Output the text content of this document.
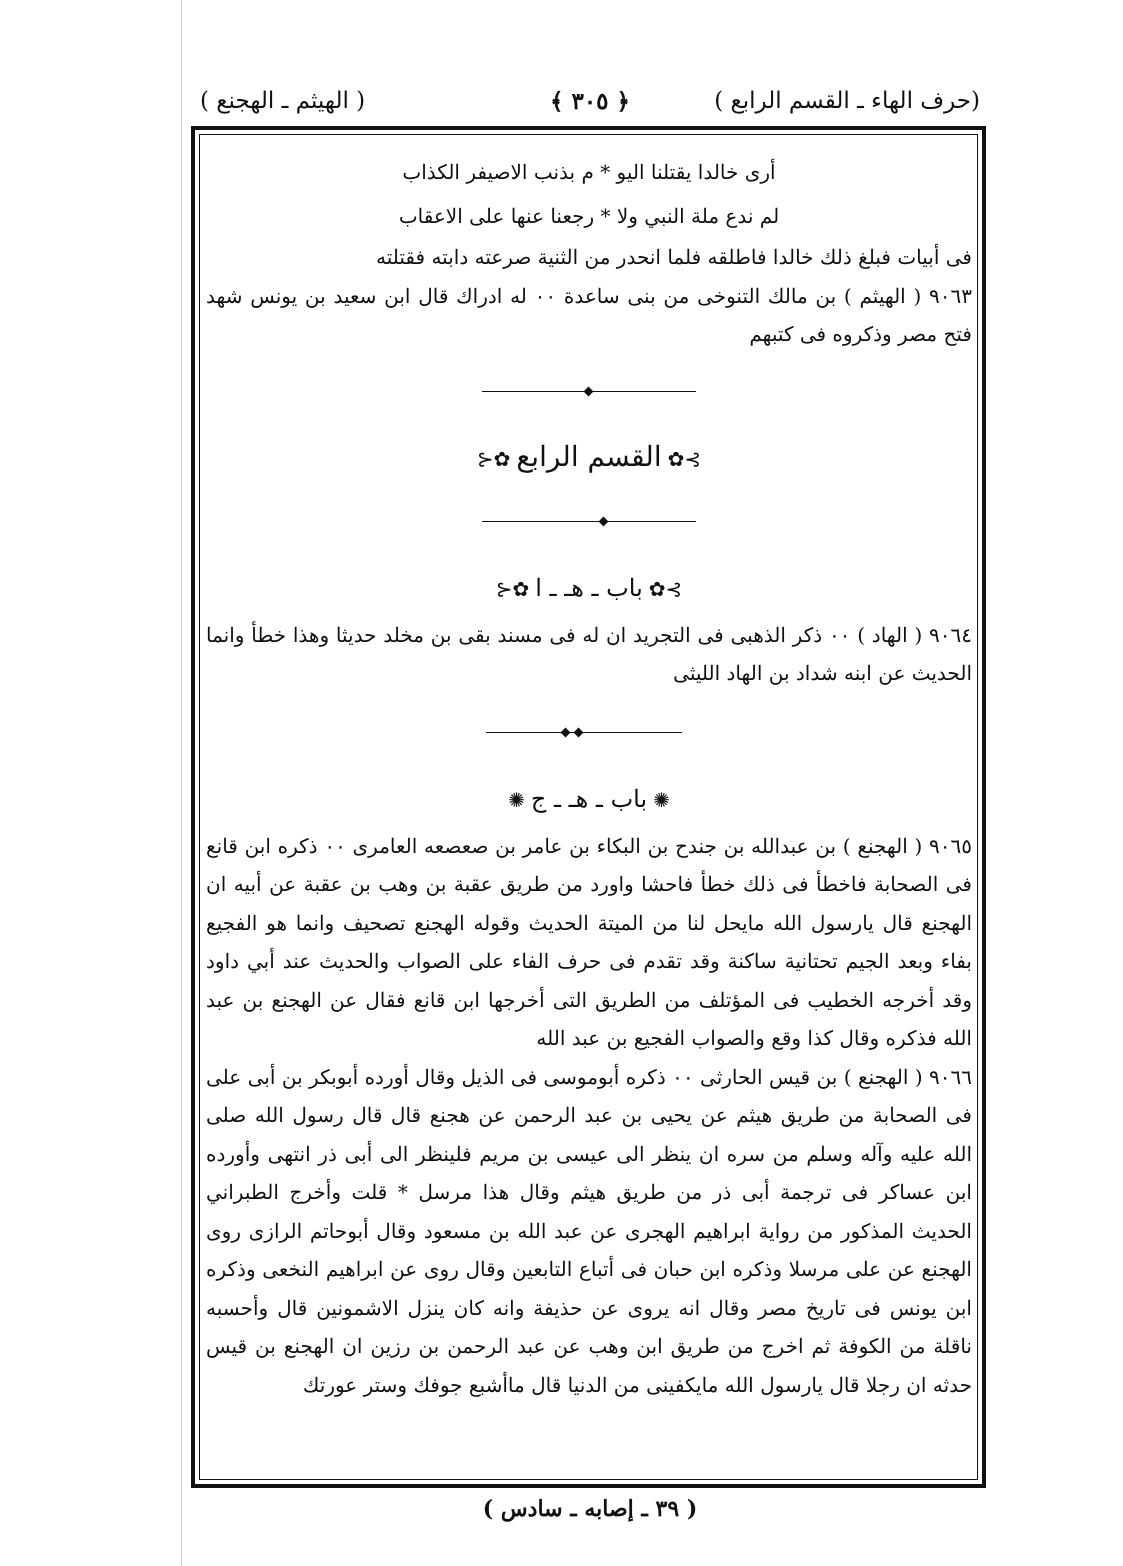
(حرف الهاء ـ القسم الرابع )
﴿ ٣٠٥ ﴾
( الهيثم ـ الهجنع )
أرى خالدا يقتلنا اليو * م بذنب الاصيفر الكذاب
لم ندع ملة النبي ولا * رجعنا عنها على الاعقاب

فى أبيات فبلغ ذلك خالدا فاطلقه فلما انحدر من الثنية صرعته دابته فقتلته

٩٠٦٣ ( الهيثم ) بن مالك التنوخى من بنى ساعدة ٠٠ له ادراك قال ابن سعيد بن يونس شهد فتح مصر وذكروه فى كتبهم

⊱✿القسم الرابع✿⊰
⊱✿باب ـ هـ ـ ا✿⊰

٩٠٦٤ ( الهاد ) ٠٠ ذكر الذهبى فى التجريد ان له فى مسند بقى بن مخلد حديثا وهذا خطأ وانما الحديث عن ابنه شداد بن الهاد الليثى

✺باب ـ هـ ـ ج✺

٩٠٦٥ ( الهجنع ) بن عبدالله بن جندح بن البكاء بن عامر بن صعصعه العامرى ٠٠ ذكره ابن قانع فى الصحابة فاخطأ فى ذلك خطأ فاحشا واورد من طريق عقبة بن وهب بن عقبة عن أبيه ان الهجنع قال يارسول الله مايحل لنا من الميتة الحديث وقوله الهجنع تصحيف وانما هو الفجيع بفاء وبعد الجيم تحتانية ساكنة وقد تقدم فى حرف الفاء على الصواب والحديث عند أبي داود وقد أخرجه الخطيب فى المؤتلف من الطريق التى أخرجها ابن قانع فقال عن الهجنع بن عبد الله فذكره وقال كذا وقع والصواب الفجيع بن عبد الله

٩٠٦٦ ( الهجنع ) بن قيس الحارثى ٠٠ ذكره أبوموسى فى الذيل وقال أورده أبوبكر بن أبى على فى الصحابة من طريق هيثم عن يحيى بن عبد الرحمن عن هجنع قال قال رسول الله صلى الله عليه وآله وسلم من سره ان ينظر الى عيسى بن مريم فلينظر الى أبى ذر انتهى وأورده ابن عساكر فى ترجمة أبى ذر من طريق هيثم وقال هذا مرسل * قلت وأخرج الطبراني الحديث المذكور من رواية ابراهيم الهجرى عن عبد الله بن مسعود وقال أبوحاتم الرازى روى الهجنع عن على مرسلا وذكره ابن حبان فى أتباع التابعين وقال روى عن ابراهيم النخعى وذكره ابن يونس فى تاريخ مصر وقال انه يروى عن حذيفة وانه كان ينزل الاشمونين قال وأحسبه ناقلة من الكوفة ثم اخرج من طريق ابن وهب عن عبد الرحمن بن رزين ان الهجنع بن قيس حدثه ان رجلا قال يارسول الله مايكفينى من الدنيا قال ماأشبع جوفك وستر عورتك

( ٣٩ ـ إصابه ـ سادس )
